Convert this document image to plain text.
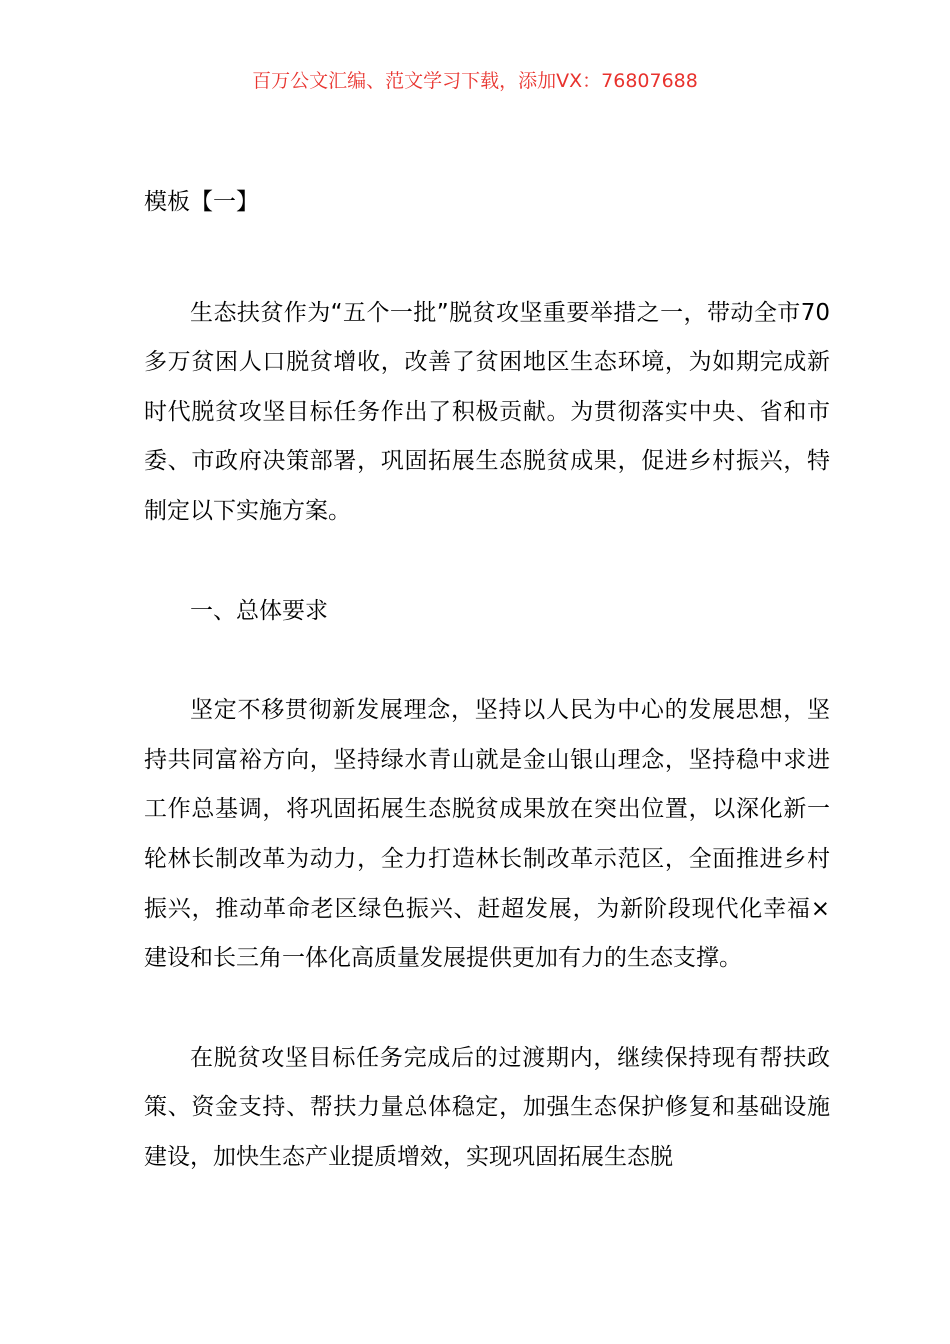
百万公文汇编、范文学习下载，添加VX：76807688

模板【一】

生态扶贫作为“五个一批”脱贫攻坚重要举措之一，带动全市70多万贫困人口脱贫增收，改善了贫困地区生态环境，为如期完成新时代脱贫攻坚目标任务作出了积极贡献。为贯彻落实中央、省和市委、市政府决策部署，巩固拓展生态脱贫成果，促进乡村振兴，特制定以下实施方案。

一、总体要求

坚定不移贯彻新发展理念，坚持以人民为中心的发展思想，坚持共同富裕方向，坚持绿水青山就是金山银山理念，坚持稳中求进工作总基调，将巩固拓展生态脱贫成果放在突出位置，以深化新一轮林长制改革为动力，全力打造林长制改革示范区，全面推进乡村振兴，推动革命老区绿色振兴、赶超发展，为新阶段现代化幸福×建设和长三角一体化高质量发展提供更加有力的生态支撑。

在脱贫攻坚目标任务完成后的过渡期内，继续保持现有帮扶政策、资金支持、帮扶力量总体稳定，加强生态保护修复和基础设施建设，加快生态产业提质增效，实现巩固拓展生态脱
